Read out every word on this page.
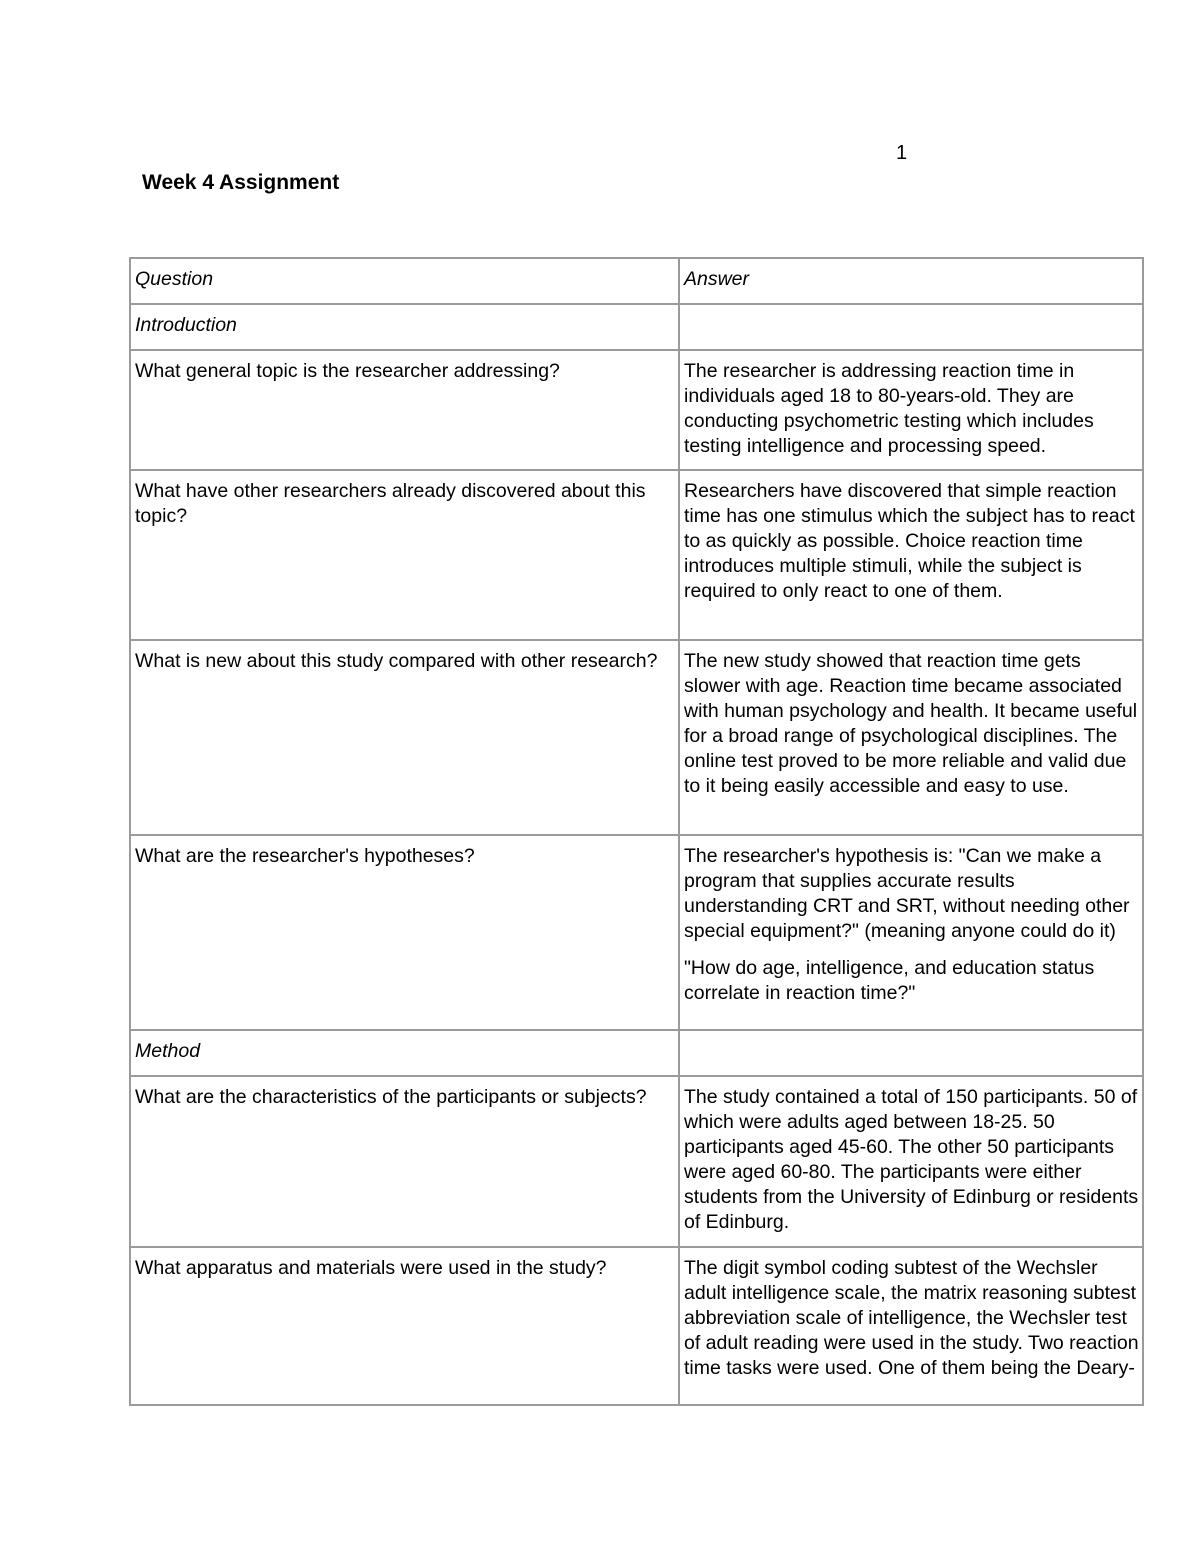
1
Week 4 Assignment
Question	Answer
Introduction	
What general topic is the researcher addressing?	The researcher is addressing reaction time in individuals aged 18 to 80-years-old. They are conducting psychometric testing which includes testing intelligence and processing speed.

What have other researchers already discovered about this topic?	Researchers have discovered that simple reaction time has one stimulus which the subject has to react to as quickly as possible. Choice reaction time introduces multiple stimuli, while the subject is required to only react to one of them.

What is new about this study compared with other research?	The new study showed that reaction time gets slower with age. Reaction time became associated with human psychology and health. It became useful for a broad range of psychological disciplines. The online test proved to be more reliable and valid due to it being easily accessible and easy to use.

What are the researcher's hypotheses?	The researcher's hypothesis is: "Can we make a program that supplies accurate results understanding CRT and SRT, without needing other special equipment?" (meaning anyone could do it)

"How do age, intelligence, and education status correlate in reaction time?"

Method	
What are the characteristics of the participants or subjects?	The study contained a total of 150 participants. 50 of which were adults aged between 18-25. 50 participants aged 45-60. The other 50 participants were aged 60-80. The participants were either students from the University of Edinburg or residents of Edinburg.

What apparatus and materials were used in the study?	The digit symbol coding subtest of the Wechsler adult intelligence scale, the matrix reasoning subtest abbreviation scale of intelligence, the Wechsler test of adult reading were used in the study. Two reaction time tasks were used. One of them being the Deary-
